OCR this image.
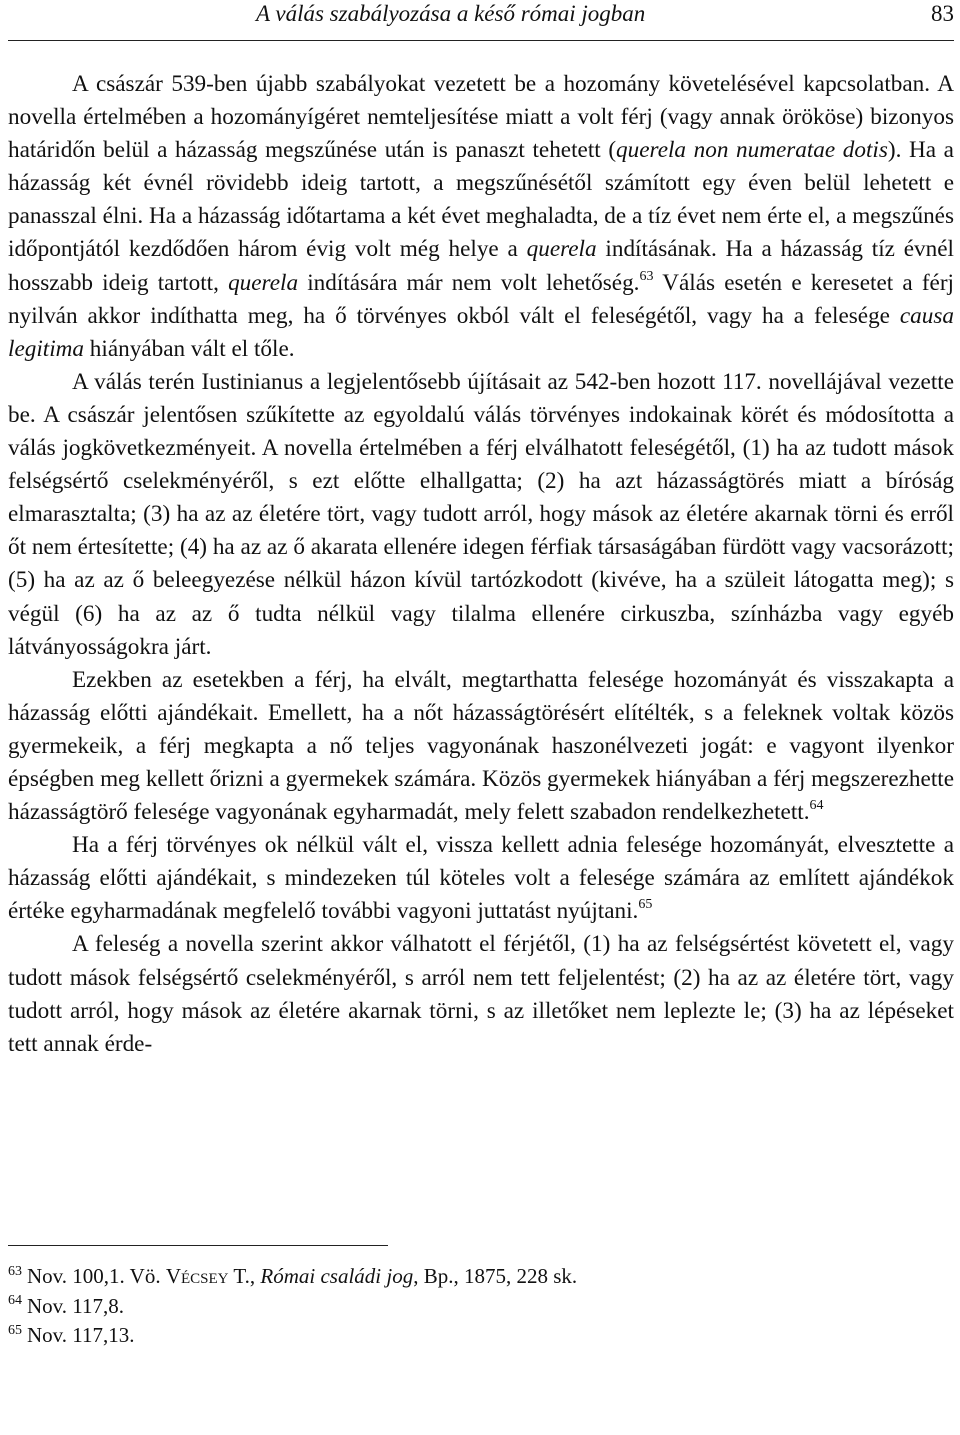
A válás szabályozása a késő római jogban	83

A császár 539-ben újabb szabályokat vezetett be a hozomány követelésével kapcsolatban. A novella értelmében a hozományígéret nemteljesítése miatt a volt férj (vagy annak örököse) bizonyos határidőn belül a házasság megszűnése után is panaszt tehetett (querela non numeratae dotis). Ha a házasság két évnél rövidebb ideig tartott, a megszűnésétől számított egy éven belül lehetett e panasszal élni. Ha a házasság időtartama a két évet meghaladta, de a tíz évet nem érte el, a megszűnés időpontjától kezdődően három évig volt még helye a querela indításának. Ha a házasság tíz évnél hosszabb ideig tartott, querela indítására már nem volt lehetőség.$^{63}$ Válás esetén e keresetet a férj nyilván akkor indíthatta meg, ha ő törvényes okból vált el feleségétől, vagy ha a felesége causa legitima hiányában vált el tőle.

A válás terén Iustinianus a legjelentősebb újításait az 542-ben hozott 117. novellájával vezette be. A császár jelentősen szűkítette az egyoldalú válás törvényes indokainak körét és módosította a válás jogkövetkezményeit. A novella értelmében a férj elválhatott feleségétől, (1) ha az tudott mások felségsértő cselekményéről, s ezt előtte elhallgatta; (2) ha azt házasságtörés miatt a bíróság elmarasztalta; (3) ha az az életére tört, vagy tudott arról, hogy mások az életére akarnak törni és erről őt nem értesítette; (4) ha az az ő akarata ellenére idegen férfiak társaságában fürdött vagy vacsorázott; (5) ha az az ő beleegyezése nélkül házon kívül tartózkodott (kivéve, ha a szüleit látogatta meg); s végül (6) ha az az ő tudta nélkül vagy tilalma ellenére cirkuszba, színházba vagy egyéb látványosságokra járt.

Ezekben az esetekben a férj, ha elvált, megtarthatta felesége hozományát és visszakapta a házasság előtti ajándékait. Emellett, ha a nőt házasságtörésért elítélték, s a feleknek voltak közös gyermekeik, a férj megkapta a nő teljes vagyonának haszonélvezeti jogát: e vagyont ilyenkor épségben meg kellett őrizni a gyermekek számára. Közös gyermekek hiányában a férj megszerezhette házasságtörő felesége vagyonának egyharmadát, mely felett szabadon rendelkezhetett.$^{64}$

Ha a férj törvényes ok nélkül vált el, vissza kellett adnia felesége hozományát, elvesztette a házasság előtti ajándékait, s mindezeken túl köteles volt a felesége számára az említett ajándékok értéke egyharmadának megfelelő további vagyoni juttatást nyújtani.$^{65}$

A feleség a novella szerint akkor válhatott el férjétől, (1) ha az felségsértést követett el, vagy tudott mások felségsértő cselekményéről, s arról nem tett feljelentést; (2) ha az az életére tört, vagy tudott arról, hogy mások az életére akarnak törni, s az illetőket nem leplezte le; (3) ha az lépéseket tett annak érde-

$^{63}$ Nov. 100,1. Vö. Vécsey T., Római családi jog, Bp., 1875, 228 sk.

$^{64}$ Nov. 117,8.

$^{65}$ Nov. 117,13.
